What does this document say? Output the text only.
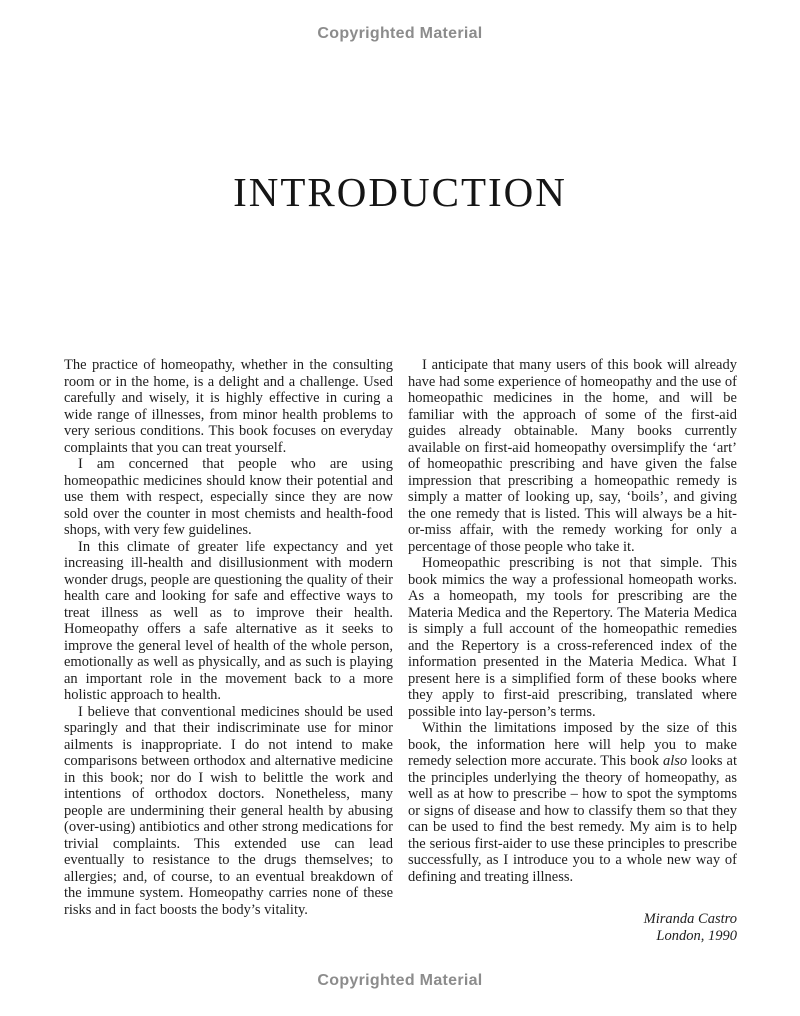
Copyrighted Material
INTRODUCTION

The practice of homeopathy, whether in the consulting room or in the home, is a delight and a challenge. Used carefully and wisely, it is highly effective in curing a wide range of illnesses, from minor health problems to very serious conditions. This book focuses on everyday complaints that you can treat yourself.

I am concerned that people who are using homeopathic medicines should know their potential and use them with respect, especially since they are now sold over the counter in most chemists and health-food shops, with very few guidelines.

In this climate of greater life expectancy and yet increasing ill-health and disillusionment with modern wonder drugs, people are questioning the quality of their health care and looking for safe and effective ways to treat illness as well as to improve their health. Homeopathy offers a safe alternative as it seeks to improve the general level of health of the whole person, emotionally as well as physically, and as such is playing an important role in the movement back to a more holistic approach to health.

I believe that conventional medicines should be used sparingly and that their indiscriminate use for minor ailments is inappropriate. I do not intend to make comparisons between orthodox and alternative medicine in this book; nor do I wish to belittle the work and intentions of orthodox doctors. Nonetheless, many people are undermining their general health by abusing (over-using) antibiotics and other strong medications for trivial complaints. This extended use can lead eventually to resistance to the drugs themselves; to allergies; and, of course, to an eventual breakdown of the immune system. Homeopathy carries none of these risks and in fact boosts the body’s vitality.

I anticipate that many users of this book will already have had some experience of homeopathy and the use of homeopathic medicines in the home, and will be familiar with the approach of some of the first-aid guides already obtainable. Many books currently available on first-aid homeopathy oversimplify the ‘art’ of homeopathic prescribing and have given the false impression that prescribing a homeopathic remedy is simply a matter of looking up, say, ‘boils’, and giving the one remedy that is listed. This will always be a hit-or-miss affair, with the remedy working for only a percentage of those people who take it.

Homeopathic prescribing is not that simple. This book mimics the way a professional homeopath works. As a homeopath, my tools for prescribing are the Materia Medica and the Repertory. The Materia Medica is simply a full account of the homeopathic remedies and the Repertory is a cross-referenced index of the information presented in the Materia Medica. What I present here is a simplified form of these books where they apply to first-aid prescribing, translated where possible into lay-person’s terms.

Within the limitations imposed by the size of this book, the information here will help you to make remedy selection more accurate. This book also looks at the principles underlying the theory of homeopathy, as well as at how to prescribe – how to spot the symptoms or signs of disease and how to classify them so that they can be used to find the best remedy. My aim is to help the serious first-aider to use these principles to prescribe successfully, as I introduce you to a whole new way of defining and treating illness.

Miranda Castro
London, 1990
Copyrighted Material
